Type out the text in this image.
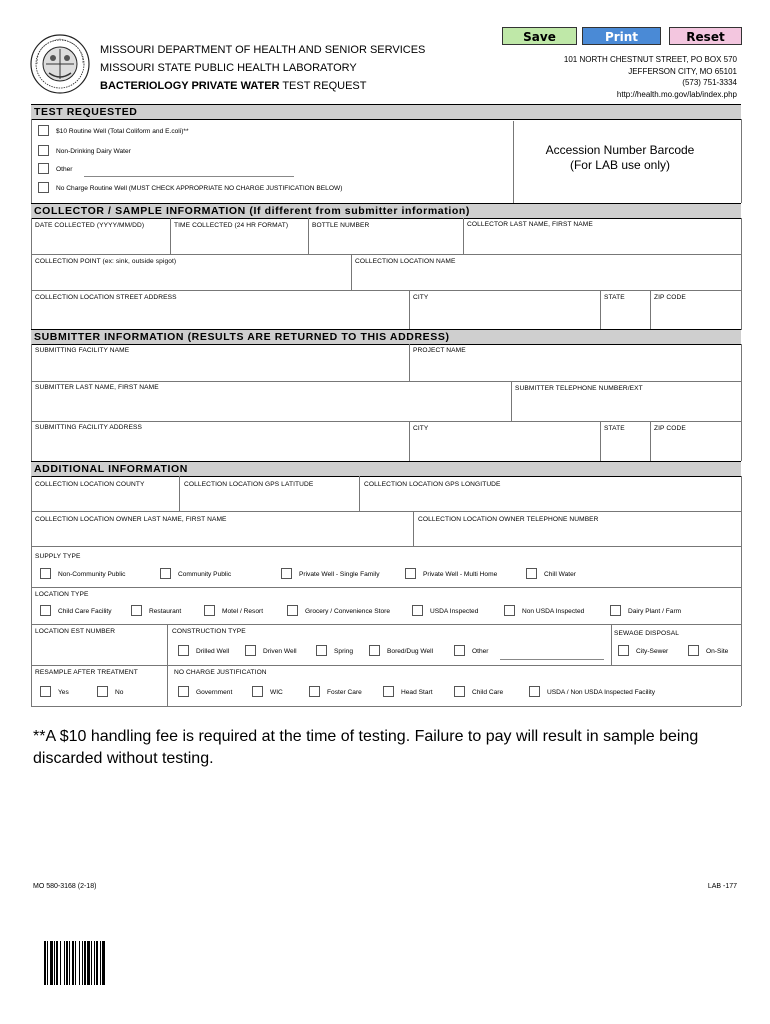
Save	Print	Reset
MISSOURI DEPARTMENT OF HEALTH AND SENIOR SERVICES
MISSOURI STATE PUBLIC HEALTH LABORATORY
BACTERIOLOGY PRIVATE WATER TEST REQUEST
101 NORTH CHESTNUT STREET, PO BOX 570
JEFFERSON CITY, MO 65101
(573) 751-3334
http://health.mo.gov/lab/index.php
TEST REQUESTED
$10 Routine Well (Total Coliform and E.coli)**
Non-Drinking Dairy Water
Other
No Charge Routine Well (MUST CHECK APPROPRIATE NO CHARGE JUSTIFICATION BELOW)
Accession Number Barcode
(For LAB use only)
COLLECTOR / SAMPLE INFORMATION (If different from submitter information)
DATE COLLECTED (YYYY/MM/DD)	TIME COLLECTED (24 HR FORMAT)	BOTTLE NUMBER	COLLECTOR LAST NAME, FIRST NAME
COLLECTION POINT (ex: sink, outside spigot)	COLLECTION LOCATION NAME
COLLECTION LOCATION STREET ADDRESS	CITY	STATE	ZIP CODE
SUBMITTER INFORMATION (RESULTS ARE RETURNED TO THIS ADDRESS)
SUBMITTING FACILITY NAME	PROJECT NAME
SUBMITTER LAST NAME, FIRST NAME	SUBMITTER TELEPHONE NUMBER/EXT
SUBMITTING FACILITY ADDRESS	CITY	STATE	ZIP CODE
ADDITIONAL INFORMATION
COLLECTION LOCATION COUNTY	COLLECTION LOCATION GPS LATITUDE	COLLECTION LOCATION GPS LONGITUDE
COLLECTION LOCATION OWNER LAST NAME, FIRST NAME	COLLECTION LOCATION OWNER TELEPHONE NUMBER
SUPPLY TYPE
Non-Community Public	Community Public	Private Well - Single Family	Private Well - Multi Home	Chill Water
LOCATION TYPE
Child Care Facility	Restaurant	Motel / Resort	Grocery / Convenience Store	USDA Inspected	Non USDA Inspected	Dairy Plant / Farm
LOCATION EST NUMBER	CONSTRUCTION TYPE
Drilled Well	Driven Well	Spring	Bored/Dug Well	Other
SEWAGE DISPOSAL
City-Sewer	On-Site
RESAMPLE AFTER TREATMENT
Yes	No
NO CHARGE JUSTIFICATION
Government	WIC	Foster Care	Head Start	Child Care	USDA / Non USDA Inspected Facility
**A $10 handling fee is required at the time of testing. Failure to pay will result in sample being discarded without testing.
MO 580-3168 (2-18)	LAB -177
